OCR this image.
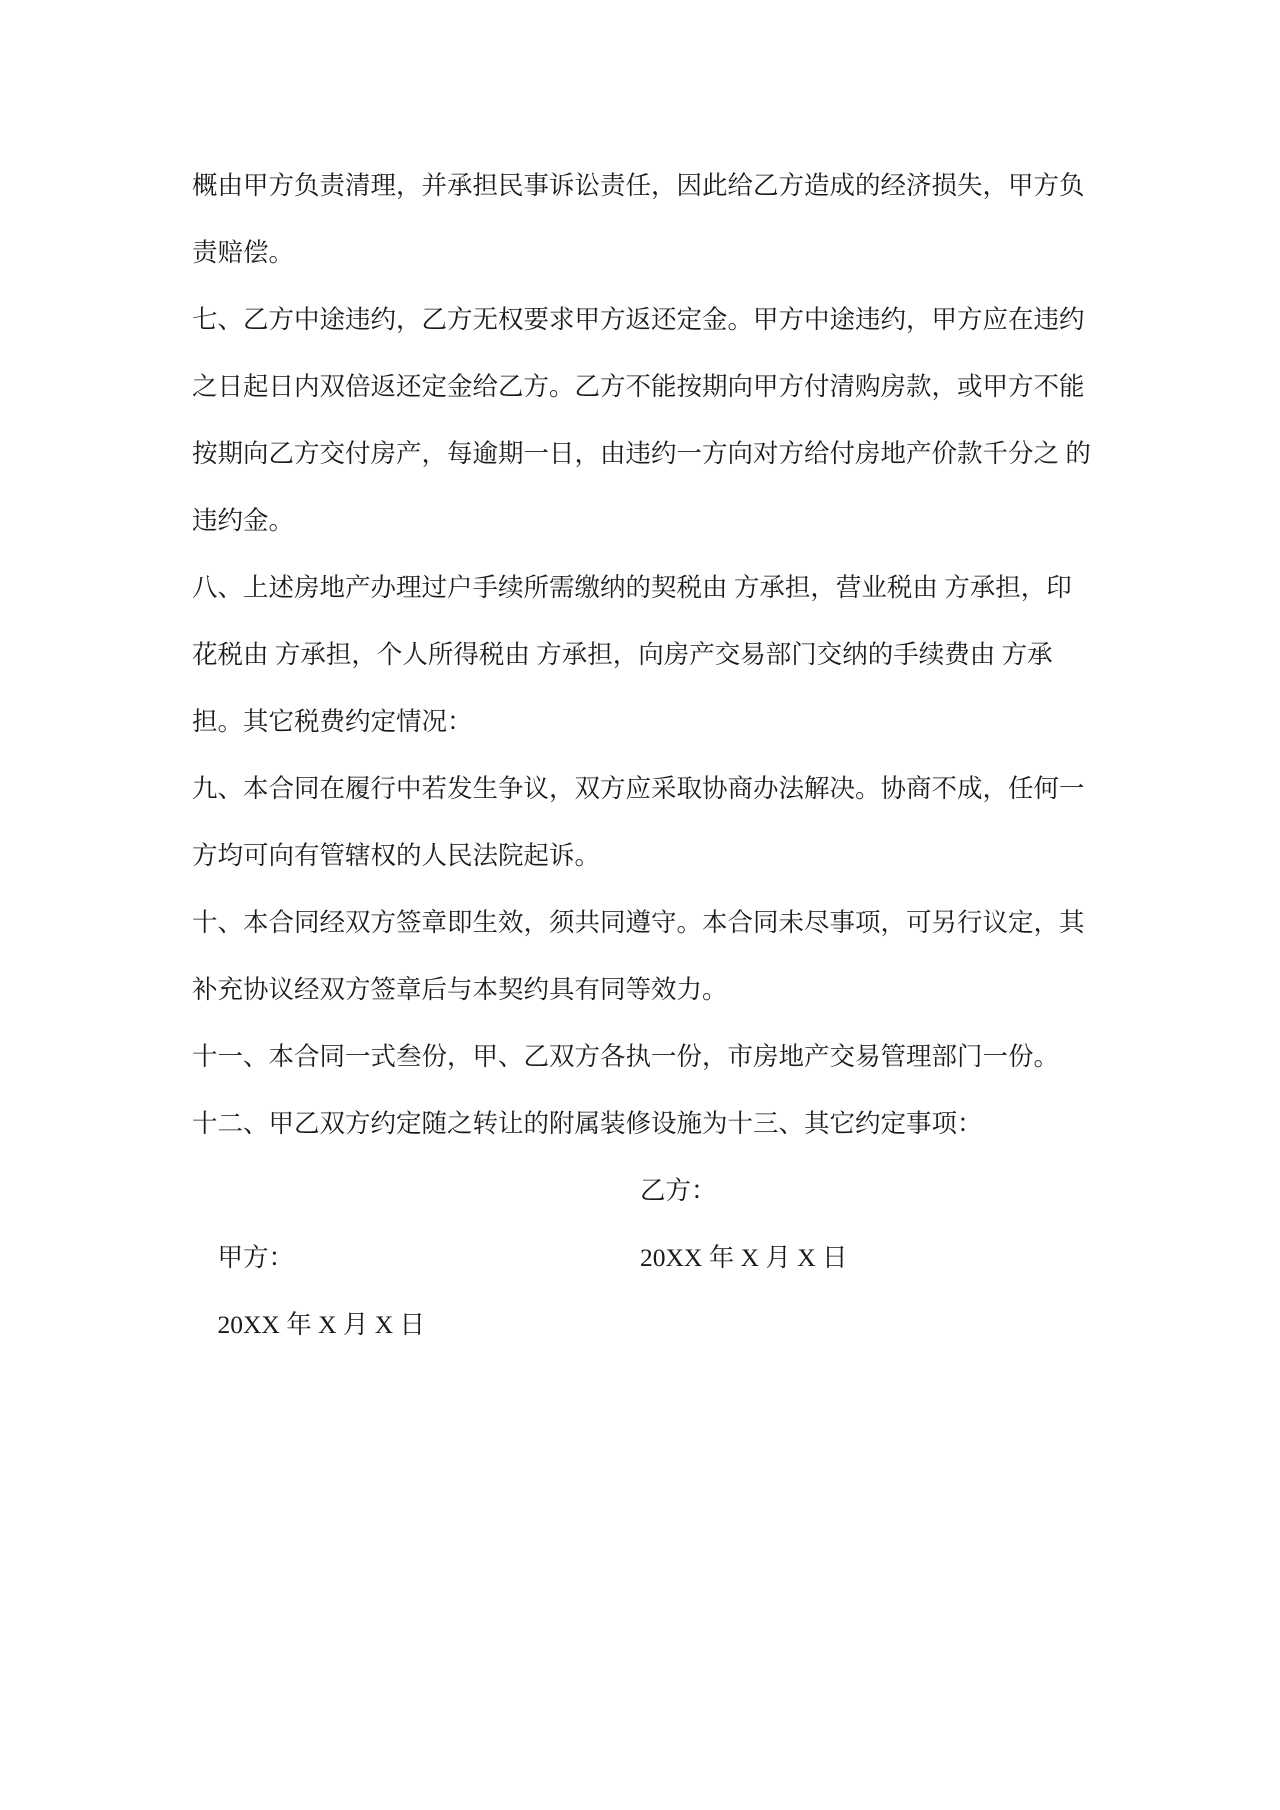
概由甲方负责清理，并承担民事诉讼责任，因此给乙方造成的经济损失，甲方负
责赔偿。
七、乙方中途违约，乙方无权要求甲方返还定金。甲方中途违约，甲方应在违约
之日起日内双倍返还定金给乙方。乙方不能按期向甲方付清购房款，或甲方不能
按期向乙方交付房产，每逾期一日，由违约一方向对方给付房地产价款千分之 的
违约金。
八、上述房地产办理过户手续所需缴纳的契税由 方承担，营业税由 方承担，印
花税由 方承担，个人所得税由 方承担，向房产交易部门交纳的手续费由 方承
担。其它税费约定情况：
九、本合同在履行中若发生争议，双方应采取协商办法解决。协商不成，任何一
方均可向有管辖权的人民法院起诉。
十、本合同经双方签章即生效，须共同遵守。本合同未尽事项，可另行议定，其
补充协议经双方签章后与本契约具有同等效力。
十一、本合同一式叁份，甲、乙双方各执一份，市房地产交易管理部门一份。
十二、甲乙双方约定随之转让的附属装修设施为十三、其它约定事项：

甲方：

乙方：

20XX 年 X 月 X 日

20XX 年 X 月 X 日
